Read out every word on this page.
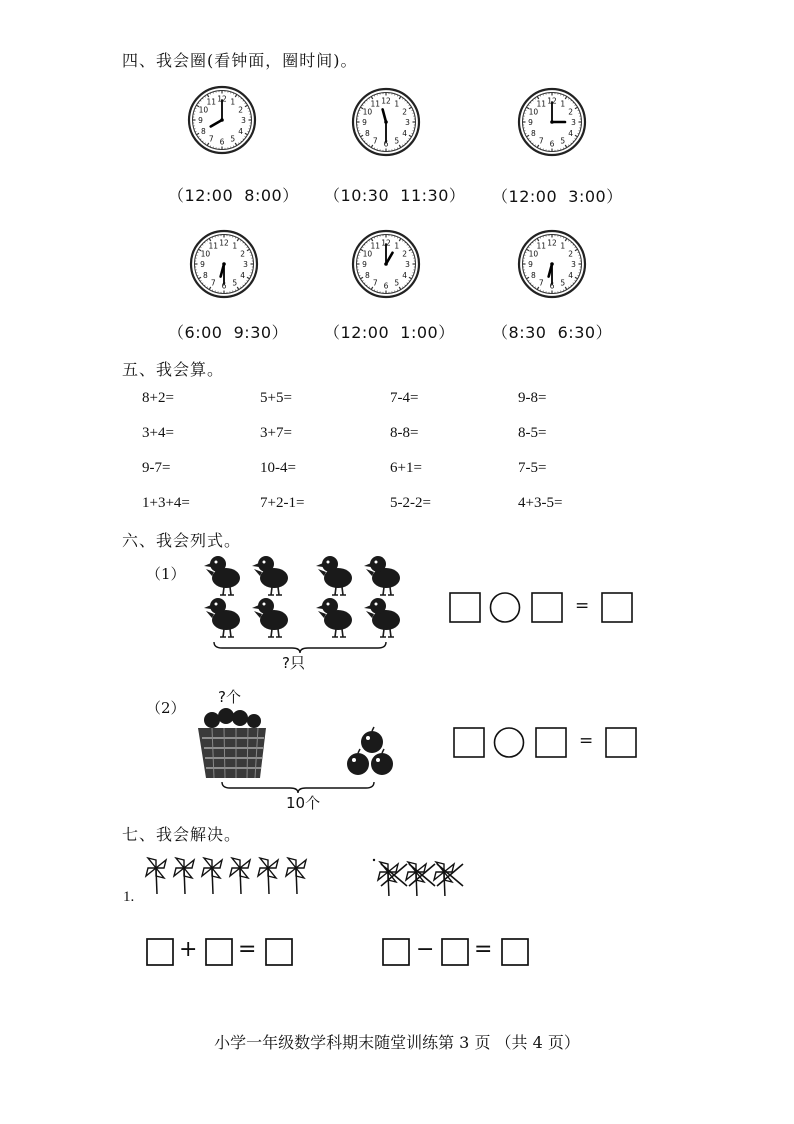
四、我会圈(看钟面，圈时间)。
1
2
3
4
5
6
7
8
9
10
11 12
1
2
3
4
5
6
7
8
9
10
11 12	1
2
3
4
5
6
7
8
9
10
11 12
1
2
3
4
5
6
7
8
9
10
11 12	1
2
3
4
5
6
7
8
9
10
11 12	1
2
3
4
5
6
7
8
9
10
11 12
（12:00 8:00） （10:30 11:30） （12:00 3:00）
（6:00 9:30） （12:00 1:00） （8:30 6:30）
五、我会算。
8+2=	5+5=	7-4=	9-8=
3+4=	3+7=	8-8=	8-5=
9-7=	10-4=	6+1=	7-5=
1+3+4=	7+2-1=	5-2-2=	4+3-5=
六、我会列式。
（1）
?只
=
（2）
?个
10个
=
七、我会解决。
1.
+ =	− =
小学一年级数学科期末随堂训练第 3 页 （共 4 页）
